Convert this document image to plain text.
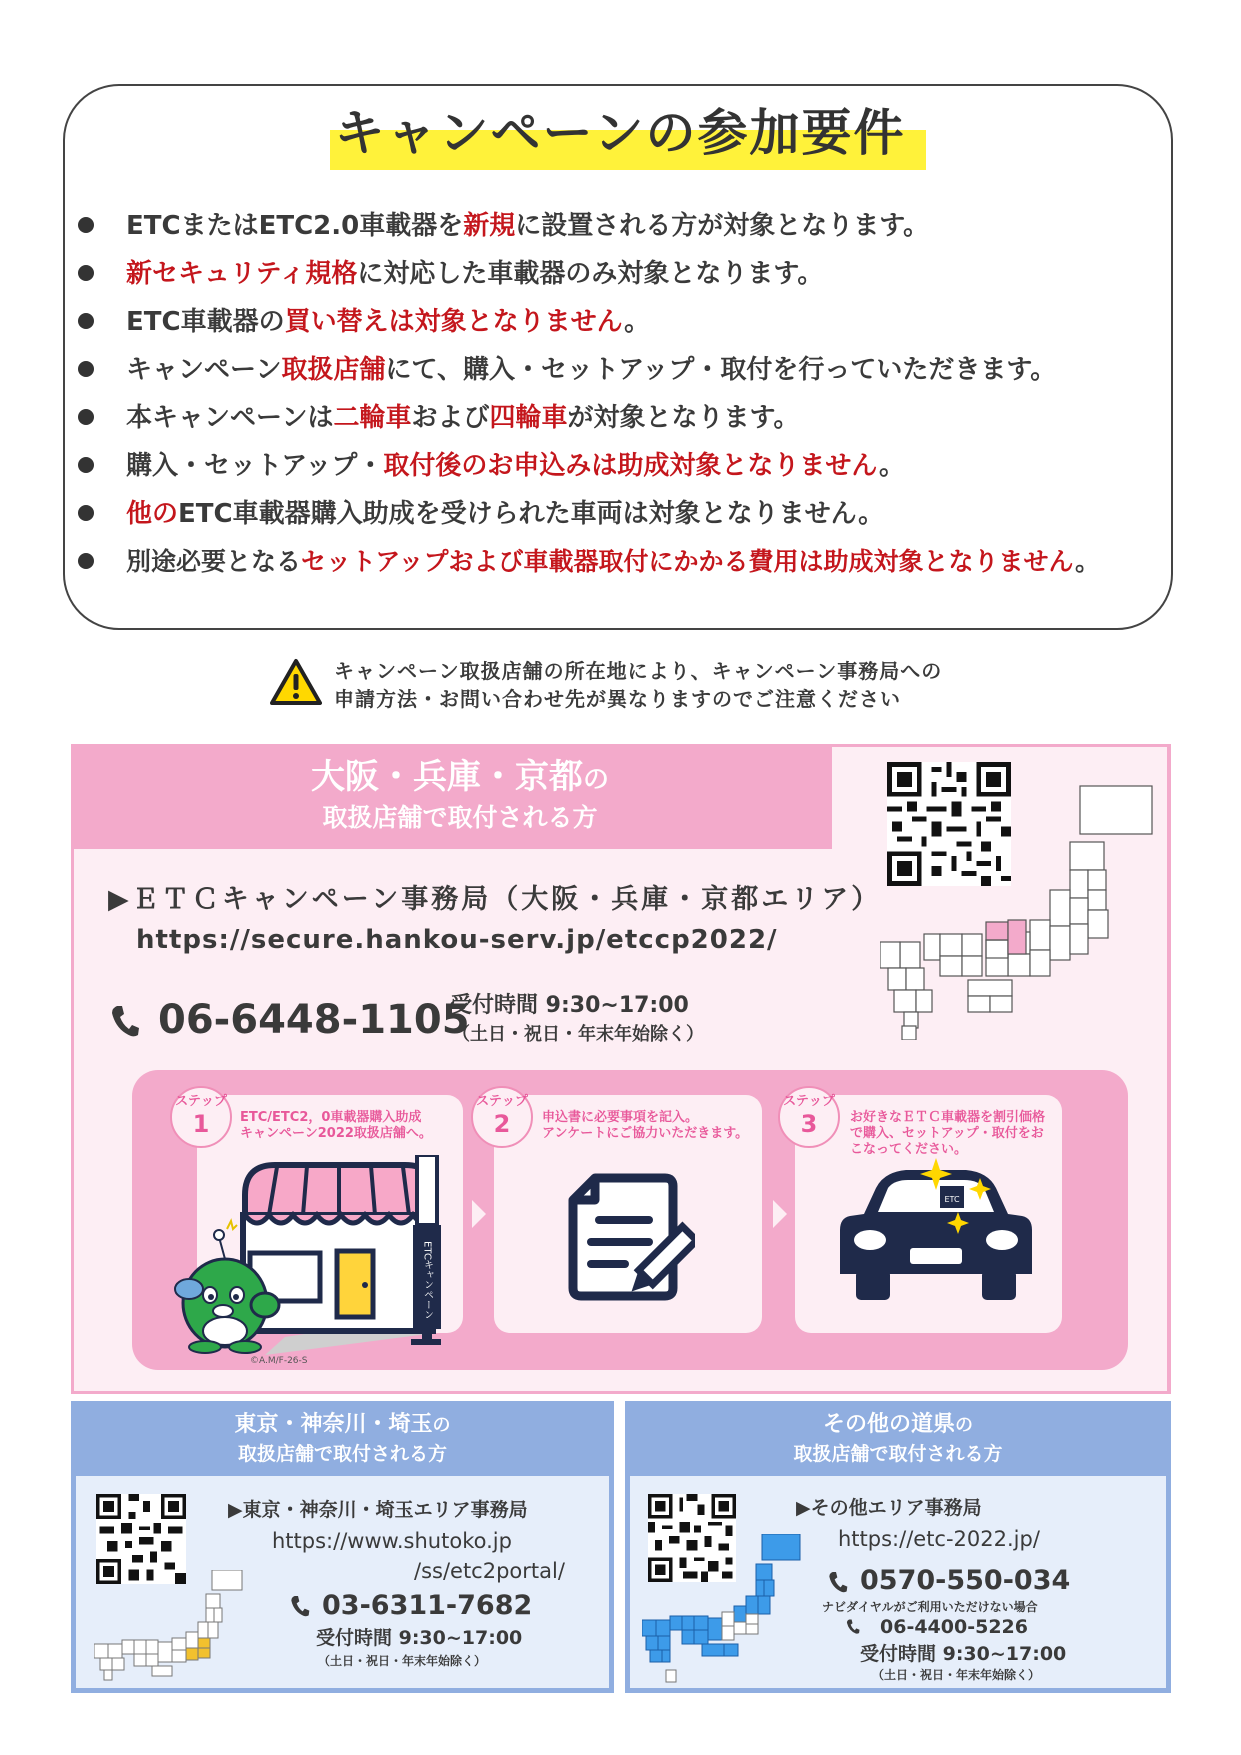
キャンペーンの参加要件
ETCまたはETC2.0車載器を新規に設置される方が対象となります。
新セキュリティ規格に対応した車載器のみ対象となります。
ETC車載器の買い替えは対象となりません。
キャンペーン取扱店舗にて、購入・セットアップ・取付を行っていただきます。
本キャンペーンは二輪車および四輪車が対象となります。
購入・セットアップ・取付後のお申込みは助成対象となりません。
他のETC車載器購入助成を受けられた車両は対象となりません。
別途必要となるセットアップおよび車載器取付にかかる費用は助成対象となりません。
キャンペーン取扱店舗の所在地により、キャンペーン事務局への
申請方法・お問い合わせ先が異なりますのでご注意ください
大阪・兵庫・京都の
取扱店舗で取付される方
▶ＥＴＣキャンペーン事務局（大阪・兵庫・京都エリア）
https://secure.hankou-serv.jp/etccp2022/
06-6448-1105
受付時間 9:30~17:00
（土日・祝日・年末年始除く）
ステップ
1
ステップ
2
ステップ
3
ETC/ETC2，0車載器購入助成
キャンペーン2022取扱店舗へ。
申込書に必要事項を記入。
アンケートにご協力いただきます。
お好きなＥＴＣ車載器を割引価格
で購入、セットアップ・取付をお
こなってください。
ETCキャンペーン
ETC
©A.M/F-26-S
東京・神奈川・埼玉の
取扱店舗で取付される方
▶東京・神奈川・埼玉エリア事務局
https://www.shutoko.jp
/ss/etc2portal/
03-6311-7682
受付時間 9:30~17:00
（土日・祝日・年末年始除く）
その他の道県の
取扱店舗で取付される方
▶その他エリア事務局
https://etc-2022.jp/
0570-550-034
ナビダイヤルがご利用いただけない場合
06-4400-5226
受付時間 9:30~17:00
（土日・祝日・年末年始除く）
